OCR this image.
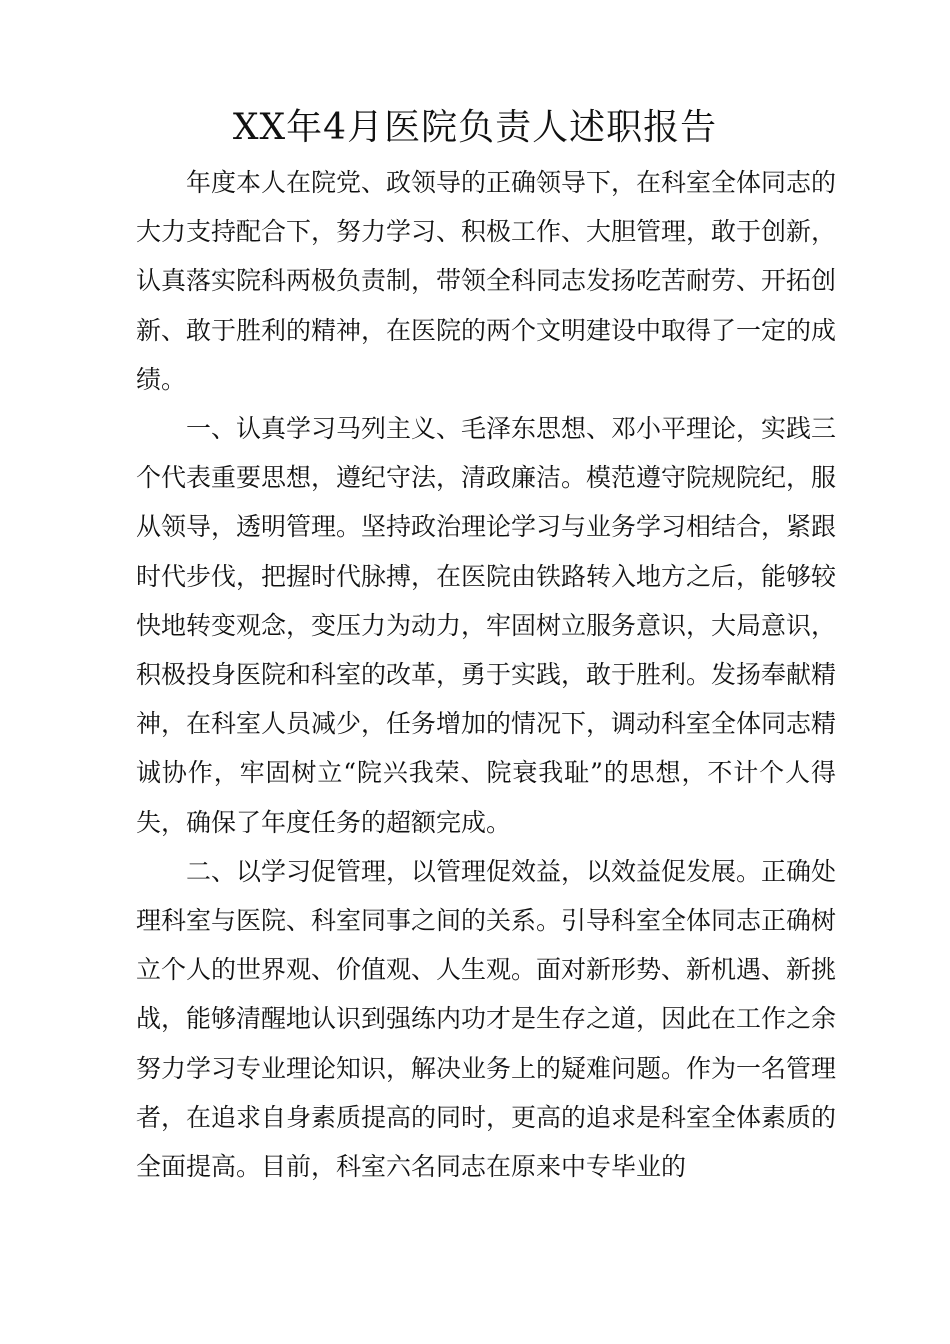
XX年4月医院负责人述职报告

年度本人在院党、政领导的正确领导下，在科室全体同志的大力支持配合下，努力学习、积极工作、大胆管理，敢于创新，认真落实院科两极负责制，带领全科同志发扬吃苦耐劳、开拓创新、敢于胜利的精神，在医院的两个文明建设中取得了一定的成绩。

一、认真学习马列主义、毛泽东思想、邓小平理论，实践三个代表重要思想，遵纪守法，清政廉洁。模范遵守院规院纪，服从领导，透明管理。坚持政治理论学习与业务学习相结合，紧跟时代步伐，把握时代脉搏，在医院由铁路转入地方之后，能够较快地转变观念，变压力为动力，牢固树立服务意识，大局意识，积极投身医院和科室的改革，勇于实践，敢于胜利。发扬奉献精神，在科室人员减少，任务增加的情况下，调动科室全体同志精诚协作，牢固树立“院兴我荣、院衰我耻”的思想，不计个人得失，确保了年度任务的超额完成。

二、以学习促管理，以管理促效益，以效益促发展。正确处理科室与医院、科室同事之间的关系。引导科室全体同志正确树立个人的世界观、价值观、人生观。面对新形势、新机遇、新挑战，能够清醒地认识到强练内功才是生存之道，因此在工作之余努力学习专业理论知识，解决业务上的疑难问题。作为一名管理者，在追求自身素质提高的同时，更高的追求是科室全体素质的全面提高。目前，科室六名同志在原来中专毕业的
